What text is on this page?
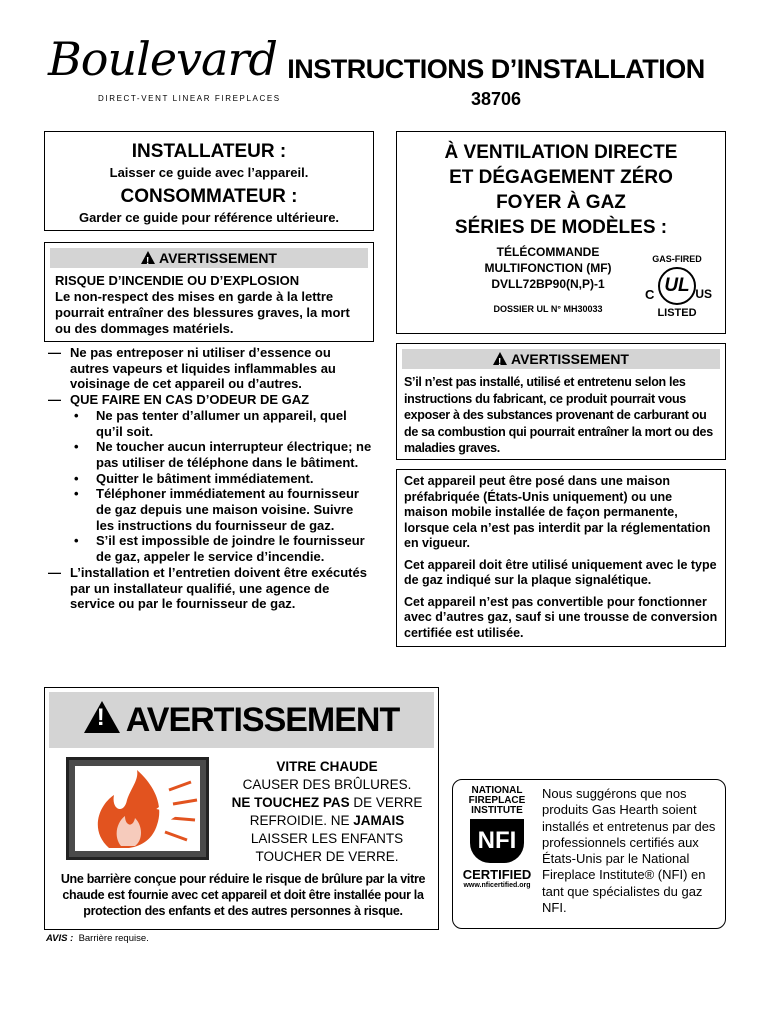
Boulevard
DIRECT-VENT LINEAR FIREPLACES
INSTRUCTIONS D’INSTALLATION
38706
INSTALLATEUR :
Laisser ce guide avec l’appareil.
CONSOMMATEUR :
Garder ce guide pour référence ultérieure.
!AVERTISSEMENT
RISQUE D’INCENDIE OU D’EXPLOSION
Le non-respect des mises en garde à la lettre pourrait entraîner des blessures graves, la mort ou des dommages matériels.
— Ne pas entreposer ni utiliser d’essence ou autres vapeurs et liquides inflammables au voisinage de cet appareil ou d’autres.
— QUE FAIRE EN CAS D’ODEUR DE GAZ
• Ne pas tenter d’allumer un appareil, quel qu’il soit.
• Ne toucher aucun interrupteur électrique; ne pas utiliser de téléphone dans le bâtiment.
• Quitter le bâtiment immédiatement.
• Téléphoner immédiatement au fournisseur de gaz depuis une maison voisine. Suivre les instructions du fournisseur de gaz.
• S’il est impossible de joindre le fournisseur de gaz, appeler le service d’incendie.
— L’installation et l’entretien doivent être exécutés par un installateur qualifié, une agence de service ou par le fournisseur de gaz.
À VENTILATION DIRECTE
ET DÉGAGEMENT ZÉRO
FOYER À GAZ
SÉRIES DE MODÈLES :
TÉLÉCOMMANDE
MULTIFONCTION (MF)
DVLL72BP90(N,P)-1
DOSSIER UL N° MH30033
GAS-FIRED
C UL US
LISTED
!AVERTISSEMENT
S’il n’est pas installé, utilisé et entretenu selon les instructions du fabricant, ce produit pourrait vous exposer à des substances provenant de carburant ou de sa combustion qui pourrait entraîner la mort ou des maladies graves.

Cet appareil peut être posé dans une maison préfabriquée (États-Unis uniquement) ou une maison mobile installée de façon permanente, lorsque cela n’est pas interdit par la réglementation en vigueur.

Cet appareil doit être utilisé uniquement avec le type de gaz indiqué sur la plaque signalétique.

Cet appareil n’est pas convertible pour fonctionner avec d’autres gaz, sauf si une trousse de conversion certifiée est utilisée.

!AVERTISSEMENT
VITRE CHAUDE
CAUSER DES BRÛLURES.
NE TOUCHEZ PAS DE VERRE
REFROIDIE. NE JAMAIS
LAISSER LES ENFANTS
TOUCHER DE VERRE.
Une barrière conçue pour réduire le risque de brûlure par la vitre chaude est fournie avec cet appareil et doit être installée pour la protection des enfants et des autres personnes à risque.
AVIS : Barrière requise.
NATIONAL
FIREPLACE
INSTITUTE
NFI
CERTIFIED
www.nficertified.org
Nous suggérons que nos produits Gas Hearth soient installés et entretenus par des professionnels certifiés aux États-Unis par le National Fireplace Institute® (NFI) en tant que spécialistes du gaz NFI.
